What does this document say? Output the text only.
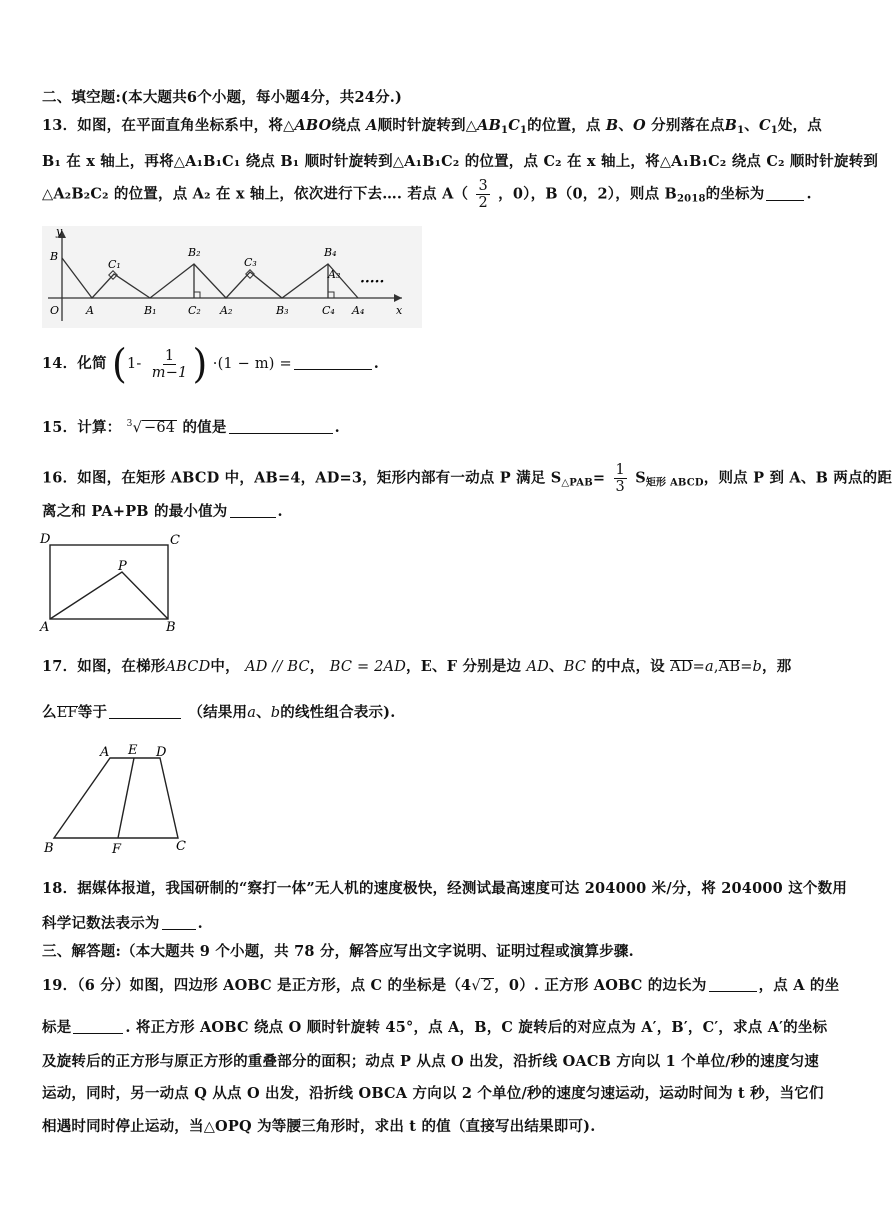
二、填空题:(本大题共6个小题，每小题4分，共24分.)
13．如图，在平面直角坐标系中，将△ABO绕点 A顺时针旋转到$\triangle AB_1C_1$的位置，点 B、O 分别落在点$B_1$、$C_1$处，点
B₁ 在 x 轴上，再将△A₁B₁C₁ 绕点 B₁ 顺时针旋转到△A₁B₁C₂ 的位置，点 C₂ 在 x 轴上，将△A₁B₁C₂ 绕点 C₂ 顺时针旋转到
△A₂B₂C₂ 的位置，点 A₂ 在 x 轴上，依次进行下去…. 若点 $A( \frac{3}{2}$ ，0），B（0，2），则点 $B_{2018}$的坐标为	.
y
B
C₁
B₂
C₃
B₄
A₃
O A	B₁	C₂ A₂	B₃	C₄ A₄	x
·····
14．化简 ($1- \frac{1}{m-1}$ ) ·(1 − m) =	.
15．计算： $^3$√ −64 的值是	.
16．如图，在矩形 ABCD 中，AB=4，AD=3，矩形内部有一动点 P 满足 $S_{\triangle PAB}= \frac{1}{3} S_{矩形 ABCD}$，则点 P 到 A、B 两点的距
离之和 PA+PB 的最小值为	.
D	C
P
A	B
17．如图，在梯形ABCD中， AD // BC， BC = 2AD，E、F 分别是边 AD、BC 的中点，设 AD=a,AB=b，那
么EF等于	（结果用a、b的线性组合表示).
A E D
B	F	C
18．据媒体报道，我国研制的“察打一体”无人机的速度极快，经测试最高速度可达 204000 米/分，将 204000 这个数用
科学记数法表示为	.
三、解答题:（本大题共 9 个小题，共 78 分，解答应写出文字说明、证明过程或演算步骤.
19．（6 分）如图，四边形 AOBC 是正方形，点 C 的坐标是（4√ 2 ，0）. 正方形 AOBC 的边长为	，点 A 的坐
标是	. 将正方形 AOBC 绕点 O 顺时针旋转 45°，点 A，B，C 旋转后的对应点为 A′，B′，C′，求点 A′的坐标
及旋转后的正方形与原正方形的重叠部分的面积；动点 P 从点 O 出发，沿折线 OACB 方向以 1 个单位/秒的速度匀速
运动，同时，另一动点 Q 从点 O 出发，沿折线 OBCA 方向以 2 个单位/秒的速度匀速运动，运动时间为 t 秒，当它们
相遇时同时停止运动，当△OPQ 为等腰三角形时，求出 t 的值（直接写出结果即可).
